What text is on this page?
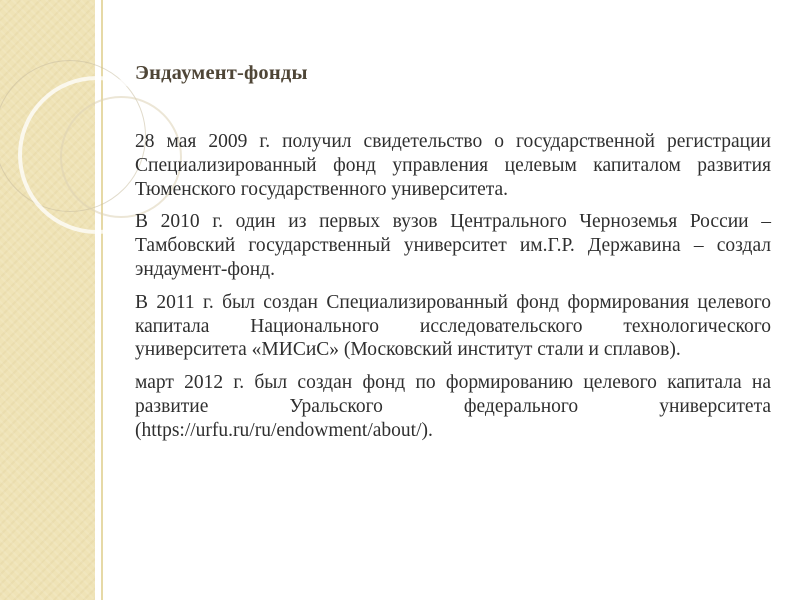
Эндаумент-фонды

28 мая 2009 г. получил свидетельство о государственной регистрации Специализированный фонд управления целевым капиталом развития Тюменского государственного университета.

В 2010 г. один из первых вузов Центрального Черноземья России – Тамбовский государственный университет им.Г.Р. Державина – создал эндаумент-фонд.

В 2011 г. был создан Специализированный фонд формирования целевого капитала Национального исследовательского технологического университета «МИСиС» (Московский институт стали и сплавов).

март 2012 г. был создан фонд по формированию целевого капитала на развитие Уральского федерального университета (https://urfu.ru/ru/endowment/about/).
